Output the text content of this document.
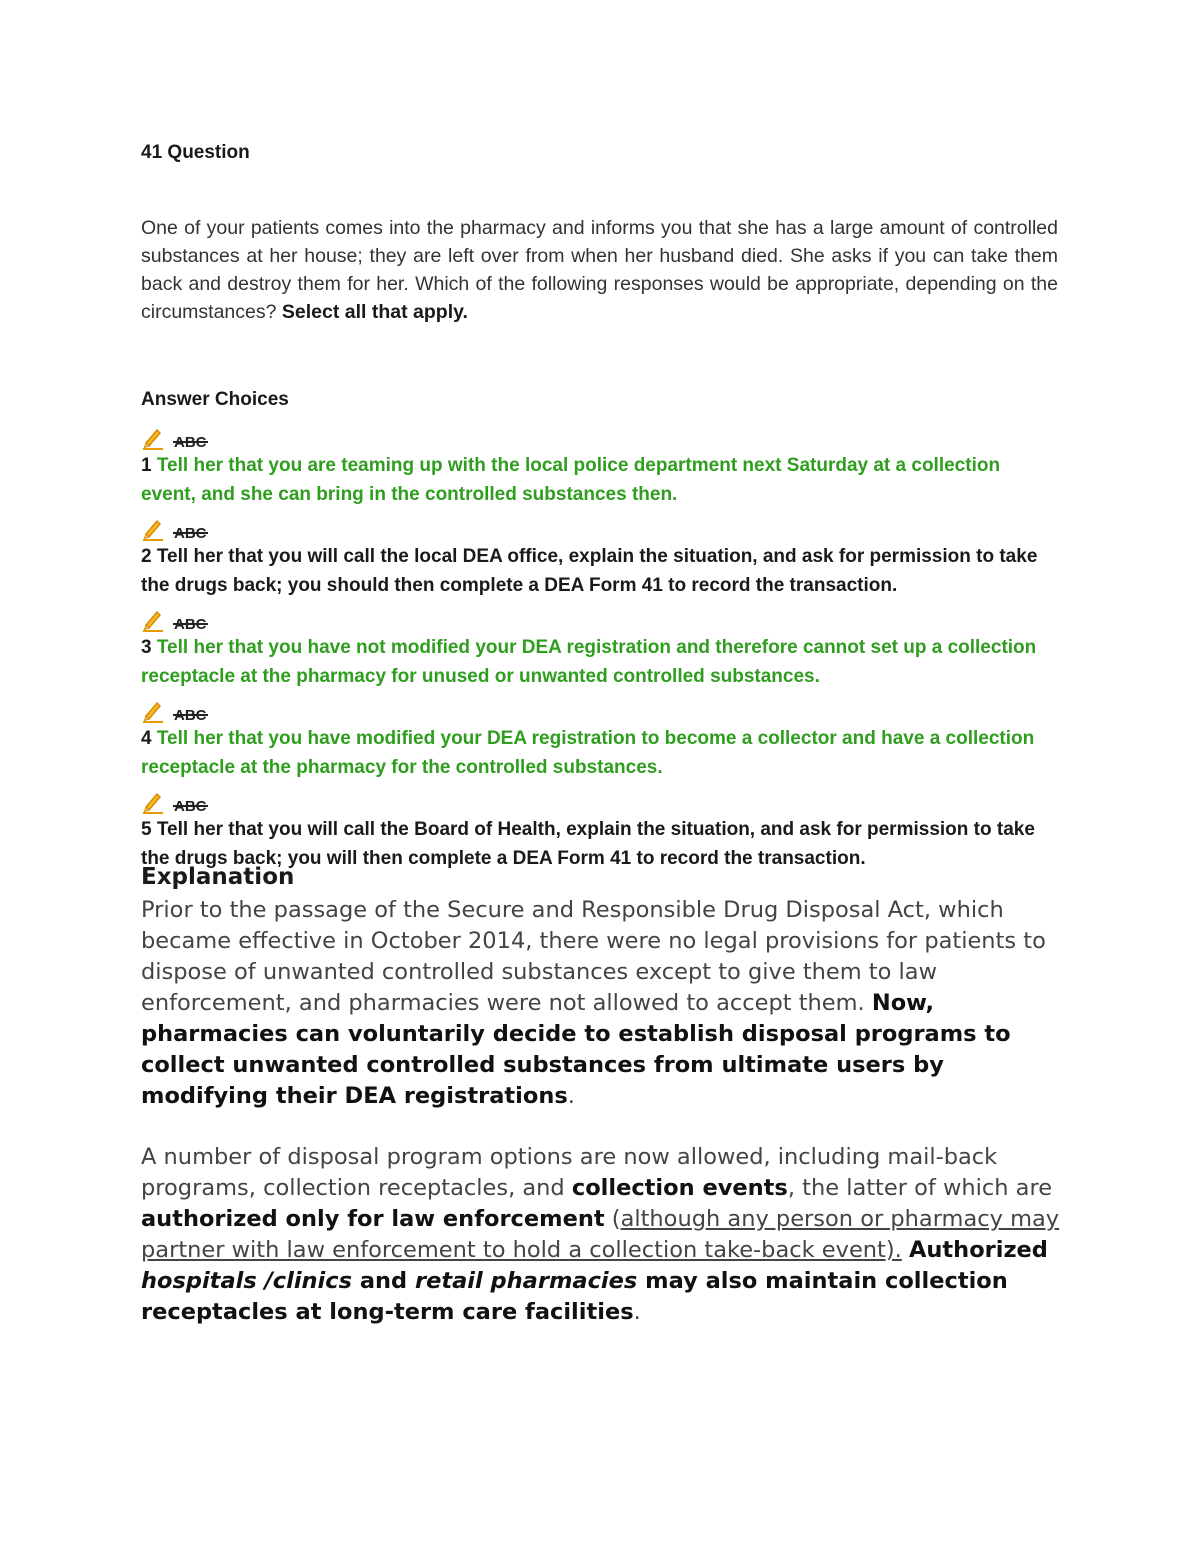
41 Question

One of your patients comes into the pharmacy and informs you that she has a large amount of controlled substances at her house; they are left over from when her husband died. She asks if you can take them back and destroy them for her. Which of the following responses would be appropriate, depending on the circumstances? Select all that apply.

Answer Choices
ABC

1 Tell her that you are teaming up with the local police department next Saturday at a collection event, and she can bring in the controlled substances then.

ABC

2 Tell her that you will call the local DEA office, explain the situation, and ask for permission to take the drugs back; you should then complete a DEA Form 41 to record the transaction.

ABC

3 Tell her that you have not modified your DEA registration and therefore cannot set up a collection receptacle at the pharmacy for unused or unwanted controlled substances.

ABC

4 Tell her that you have modified your DEA registration to become a collector and have a collection receptacle at the pharmacy for the controlled substances.

ABC

5 Tell her that you will call the Board of Health, explain the situation, and ask for permission to take the drugs back; you will then complete a DEA Form 41 to record the transaction.

Explanation

Prior to the passage of the Secure and Responsible Drug Disposal Act, which became effective in October 2014, there were no legal provisions for patients to dispose of unwanted controlled substances except to give them to law enforcement, and pharmacies were not allowed to accept them. Now, pharmacies can voluntarily decide to establish disposal programs to collect unwanted controlled substances from ultimate users by modifying their DEA registrations.

A number of disposal program options are now allowed, including mail-back programs, collection receptacles, and collection events, the latter of which are authorized only for law enforcement (although any person or pharmacy may partner with law enforcement to hold a collection take-back event). Authorized hospitals /clinics and retail pharmacies may also maintain collection receptacles at long-term care facilities.
